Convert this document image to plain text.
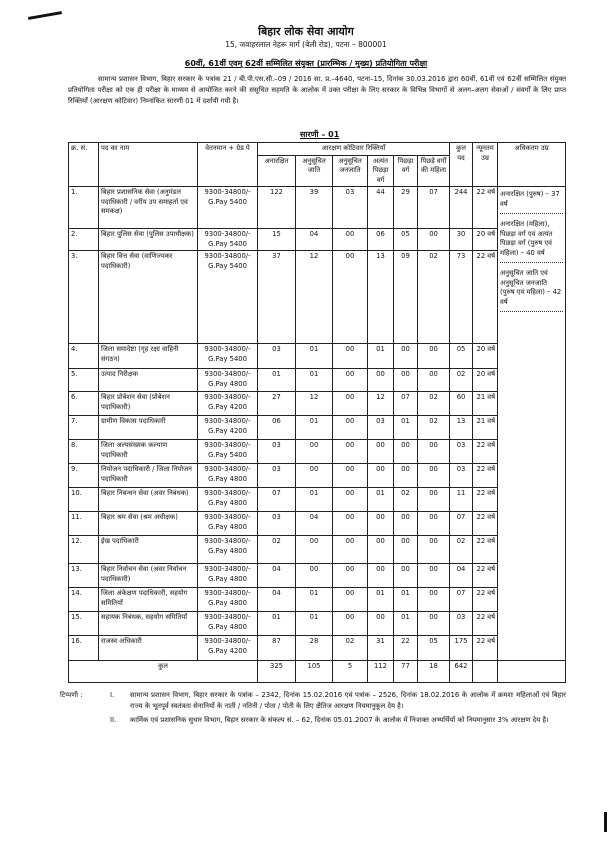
बिहार लोक सेवा आयोग
15, जवाहरलाल नेहरू मार्ग (बेली रोड), पटना – 800001
60वीं, 61वीं एवम् 62वीं सम्मिलित संयुक्त (प्रारम्भिक / मुख्य) प्रतियोगिता परीक्षा
सामान्य प्रशासन विभाग, बिहार सरकार के पत्रांक 21 / बी.पी.एस.सी.–09 / 2016 सा. प्र.–4640, पटना–15, दिनांक 30.03.2016 द्वारा 60वीं, 61वीं एवं 62वीं सम्मिलित संयुक्त प्रतियोगिता परीक्षा को एक ही परीक्षा के माध्यम से आयोजित करने की संसूचित सहमति के आलोक में उक्त परीक्षा के लिए सरकार के विभिन्न विभागों से अलग–अलग सेवाओं / संवर्गों के लिए प्राप्त रिक्तियाँ (आरक्षण कोटिवार) निम्नांकित सारणी 01 में दर्शायी गयी है।
सारणी – 01
क्र. सं.	पद का नाम	वेतनमान + ग्रेड पे	आरक्षण कोटिवार रिक्तियाँ						कुल पद	न्यूनतम उम्र	अधिकतम उम्र
			अनारक्षित	अनुसूचित जाति	अनुसूचित जनजाति	अत्यंत पिछड़ा वर्ग	पिछड़ा वर्ग	पिछड़े वर्गों की महिला			
1.	बिहार प्रशासनिक सेवा (अनुमंडल पदाधिकारी / वरीय उप समाहर्ता एवं समकक्ष)	9300-34800/- G.Pay 5400	122	39	03	44	29	07	244	22 वर्ष	अनारक्षित (पुरुष) – 37 वर्ष
अनारक्षित (महिला), पिछड़ा वर्ग एवं अत्यंत पिछड़ा वर्ग (पुरुष एवं महिला) – 40 वर्ष
अनुसूचित जाति एवं अनुसूचित जनजाति (पुरुष एवं महिला) – 42 वर्ष

2.	बिहार पुलिस सेवा (पुलिस उपाधीक्षक)	9300-34800/- G.Pay 5400	15	04	00	06	05	00	30	20 वर्ष	
3.	बिहार वित्त सेवा (वाणिज्यकर पदाधिकारी)	9300-34800/- G.Pay 5400	37	12	00	13	09	02	73	22 वर्ष	
4.	जिला समादेष्टा (गृह रक्षा वाहिनी संगठन)	9300-34800/- G.Pay 5400	03	01	00	01	00	00	05	20 वर्ष	
5.	उत्पाद निरीक्षक	9300-34800/- G.Pay 4800	01	01	00	00	00	00	02	20 वर्ष	
6.	बिहार प्रोबेशन सेवा (प्रोबेशन पदाधिकारी)	9300-34800/- G.Pay 4200	27	12	00	12	07	02	60	21 वर्ष	
7.	ग्रामीण विकास पदाधिकारी	9300-34800/- G.Pay 4200	06	01	00	03	01	02	13	21 वर्ष	
8.	जिला अल्पसंख्यक कल्याण पदाधिकारी	9300-34800/- G.Pay 5400	03	00	00	00	00	00	03	22 वर्ष	
9.	नियोजन पदाधिकारी / जिला नियोजन पदाधिकारी	9300-34800/- G.Pay 4800	03	00	00	00	00	00	03	22 वर्ष	
10.	बिहार निबन्धन सेवा (अवर निबंधक)	9300-34800/- G.Pay 4800	07	01	00	01	02	00	11	22 वर्ष	
11.	बिहार श्रम सेवा (श्रम अधीक्षक)	9300-34800/- G.Pay 4800	03	04	00	00	00	00	07	22 वर्ष	
12.	ईख पदाधिकारी	9300-34800/- G.Pay 4800	02	00	00	00	00	00	02	22 वर्ष	
13.	बिहार निर्वाचन सेवा (अवर निर्वाचन पदाधिकारी)	9300-34800/- G.Pay 4800	04	00	00	00	00	00	04	22 वर्ष	
14.	जिला अंकेक्षण पदाधिकारी, सहयोग समितियाँ	9300-34800/- G.Pay 4800	04	01	00	01	01	00	07	22 वर्ष	
15.	सहायक निबंधक, सहयोग समितियाँ	9300-34800/- G.Pay 4800	01	01	00	00	01	00	03	22 वर्ष	
16.	राजस्व अधिकारी	9300-34800/- G.Pay 4200	87	28	02	31	22	05	175	22 वर्ष	
कुल			325	105	5	112	77	18	642		
टिप्पणी :	I.	सामान्य प्रशासन विभाग, बिहार सरकार के पत्रांक – 2342, दिनांक 15.02.2016 एवं पत्रांक – 2526, दिनांक 18.02.2016 के आलोक में क्रमशः महिलाओं एवं बिहार राज्य के भूतपूर्व स्वतंत्रता सेनानियों के नाती / नतिनी / पोता / पोती के लिए क्षैतिज आरक्षण नियमानुकूल देय है।
II.	कार्मिक एवं प्रशासनिक सुधार विभाग, बिहार सरकार के संकल्प सं. – 62, दिनांक 05.01.2007 के आलोक में निःशक्त अभ्यर्थियों को नियमानुसार 3% आरक्षण देय है।
